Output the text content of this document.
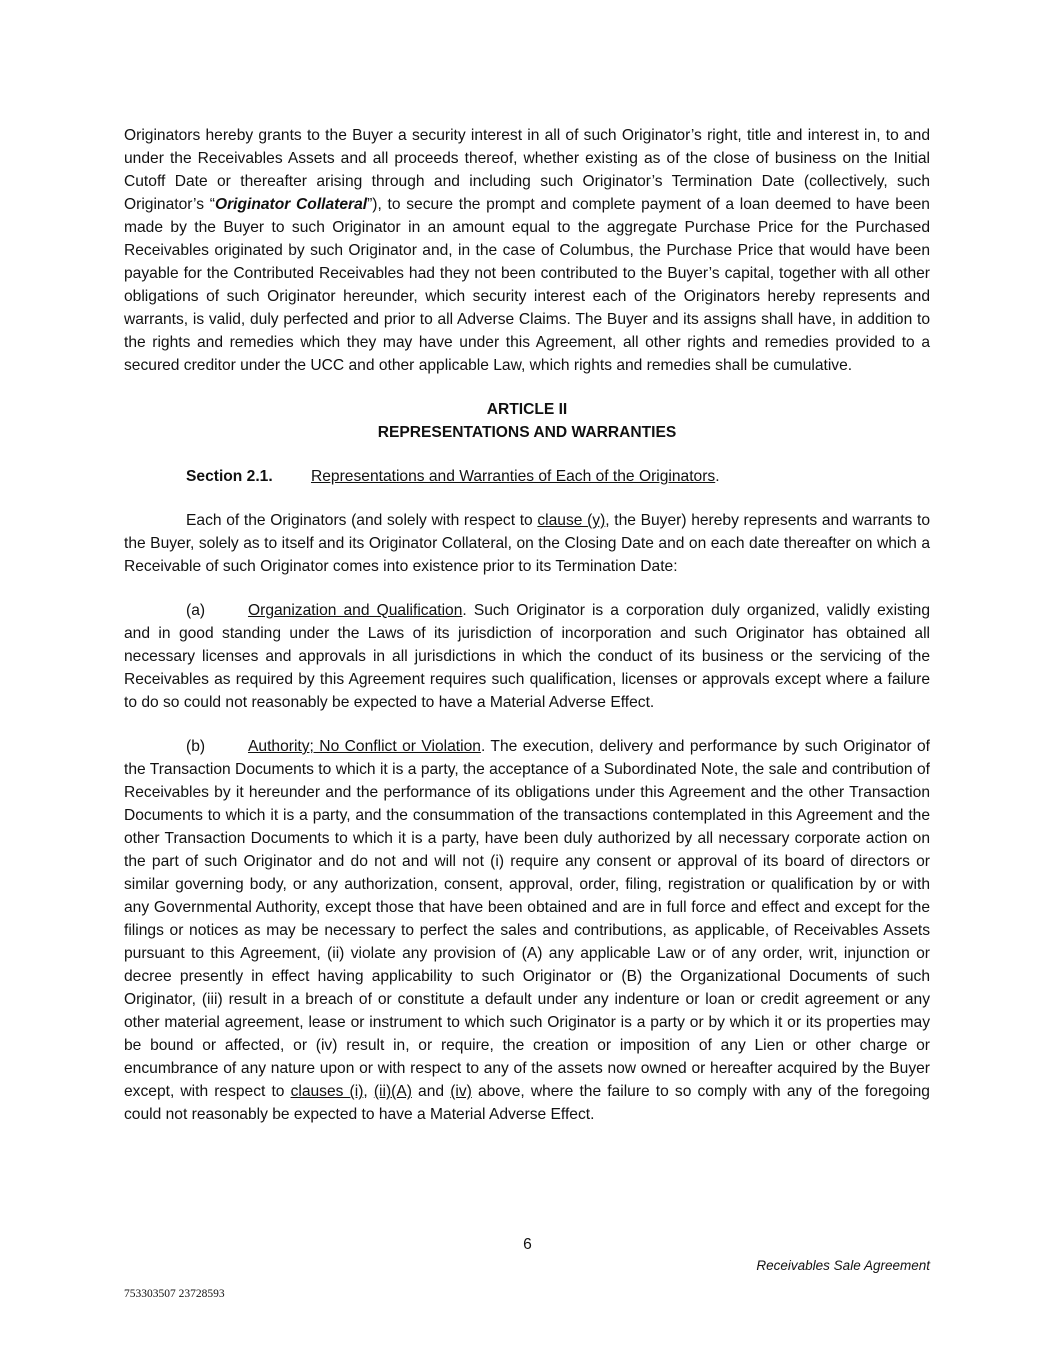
Originators hereby grants to the Buyer a security interest in all of such Originator’s right, title and interest in, to and under the Receivables Assets and all proceeds thereof, whether existing as of the close of business on the Initial Cutoff Date or thereafter arising through and including such Originator’s Termination Date (collectively, such Originator’s “Originator Collateral”), to secure the prompt and complete payment of a loan deemed to have been made by the Buyer to such Originator in an amount equal to the aggregate Purchase Price for the Purchased Receivables originated by such Originator and, in the case of Columbus, the Purchase Price that would have been payable for the Contributed Receivables had they not been contributed to the Buyer’s capital, together with all other obligations of such Originator hereunder, which security interest each of the Originators hereby represents and warrants, is valid, duly perfected and prior to all Adverse Claims. The Buyer and its assigns shall have, in addition to the rights and remedies which they may have under this Agreement, all other rights and remedies provided to a secured creditor under the UCC and other applicable Law, which rights and remedies shall be cumulative.

ARTICLE II

REPRESENTATIONS AND WARRANTIES

Section 2.1. Representations and Warranties of Each of the Originators.

Each of the Originators (and solely with respect to clause (y), the Buyer) hereby represents and warrants to the Buyer, solely as to itself and its Originator Collateral, on the Closing Date and on each date thereafter on which a Receivable of such Originator comes into existence prior to its Termination Date:

(a)	Organization and Qualification. Such Originator is a corporation duly organized, validly existing and in good standing under the Laws of its jurisdiction of incorporation and such Originator has obtained all necessary licenses and approvals in all jurisdictions in which the conduct of its business or the servicing of the Receivables as required by this Agreement requires such qualification, licenses or approvals except where a failure to do so could not reasonably be expected to have a Material Adverse Effect.

(b)	Authority; No Conflict or Violation. The execution, delivery and performance by such Originator of the Transaction Documents to which it is a party, the acceptance of a Subordinated Note, the sale and contribution of Receivables by it hereunder and the performance of its obligations under this Agreement and the other Transaction Documents to which it is a party, and the consummation of the transactions contemplated in this Agreement and the other Transaction Documents to which it is a party, have been duly authorized by all necessary corporate action on the part of such Originator and do not and will not (i) require any consent or approval of its board of directors or similar governing body, or any authorization, consent, approval, order, filing, registration or qualification by or with any Governmental Authority, except those that have been obtained and are in full force and effect and except for the filings or notices as may be necessary to perfect the sales and contributions, as applicable, of Receivables Assets pursuant to this Agreement, (ii) violate any provision of (A) any applicable Law or of any order, writ, injunction or decree presently in effect having applicability to such Originator or (B) the Organizational Documents of such Originator, (iii) result in a breach of or constitute a default under any indenture or loan or credit agreement or any other material agreement, lease or instrument to which such Originator is a party or by which it or its properties may be bound or affected, or (iv) result in, or require, the creation or imposition of any Lien or other charge or encumbrance of any nature upon or with respect to any of the assets now owned or hereafter acquired by the Buyer except, with respect to clauses (i), (ii)(A) and (iv) above, where the failure to so comply with any of the foregoing could not reasonably be expected to have a Material Adverse Effect.

6
Receivables Sale Agreement
753303507 23728593
